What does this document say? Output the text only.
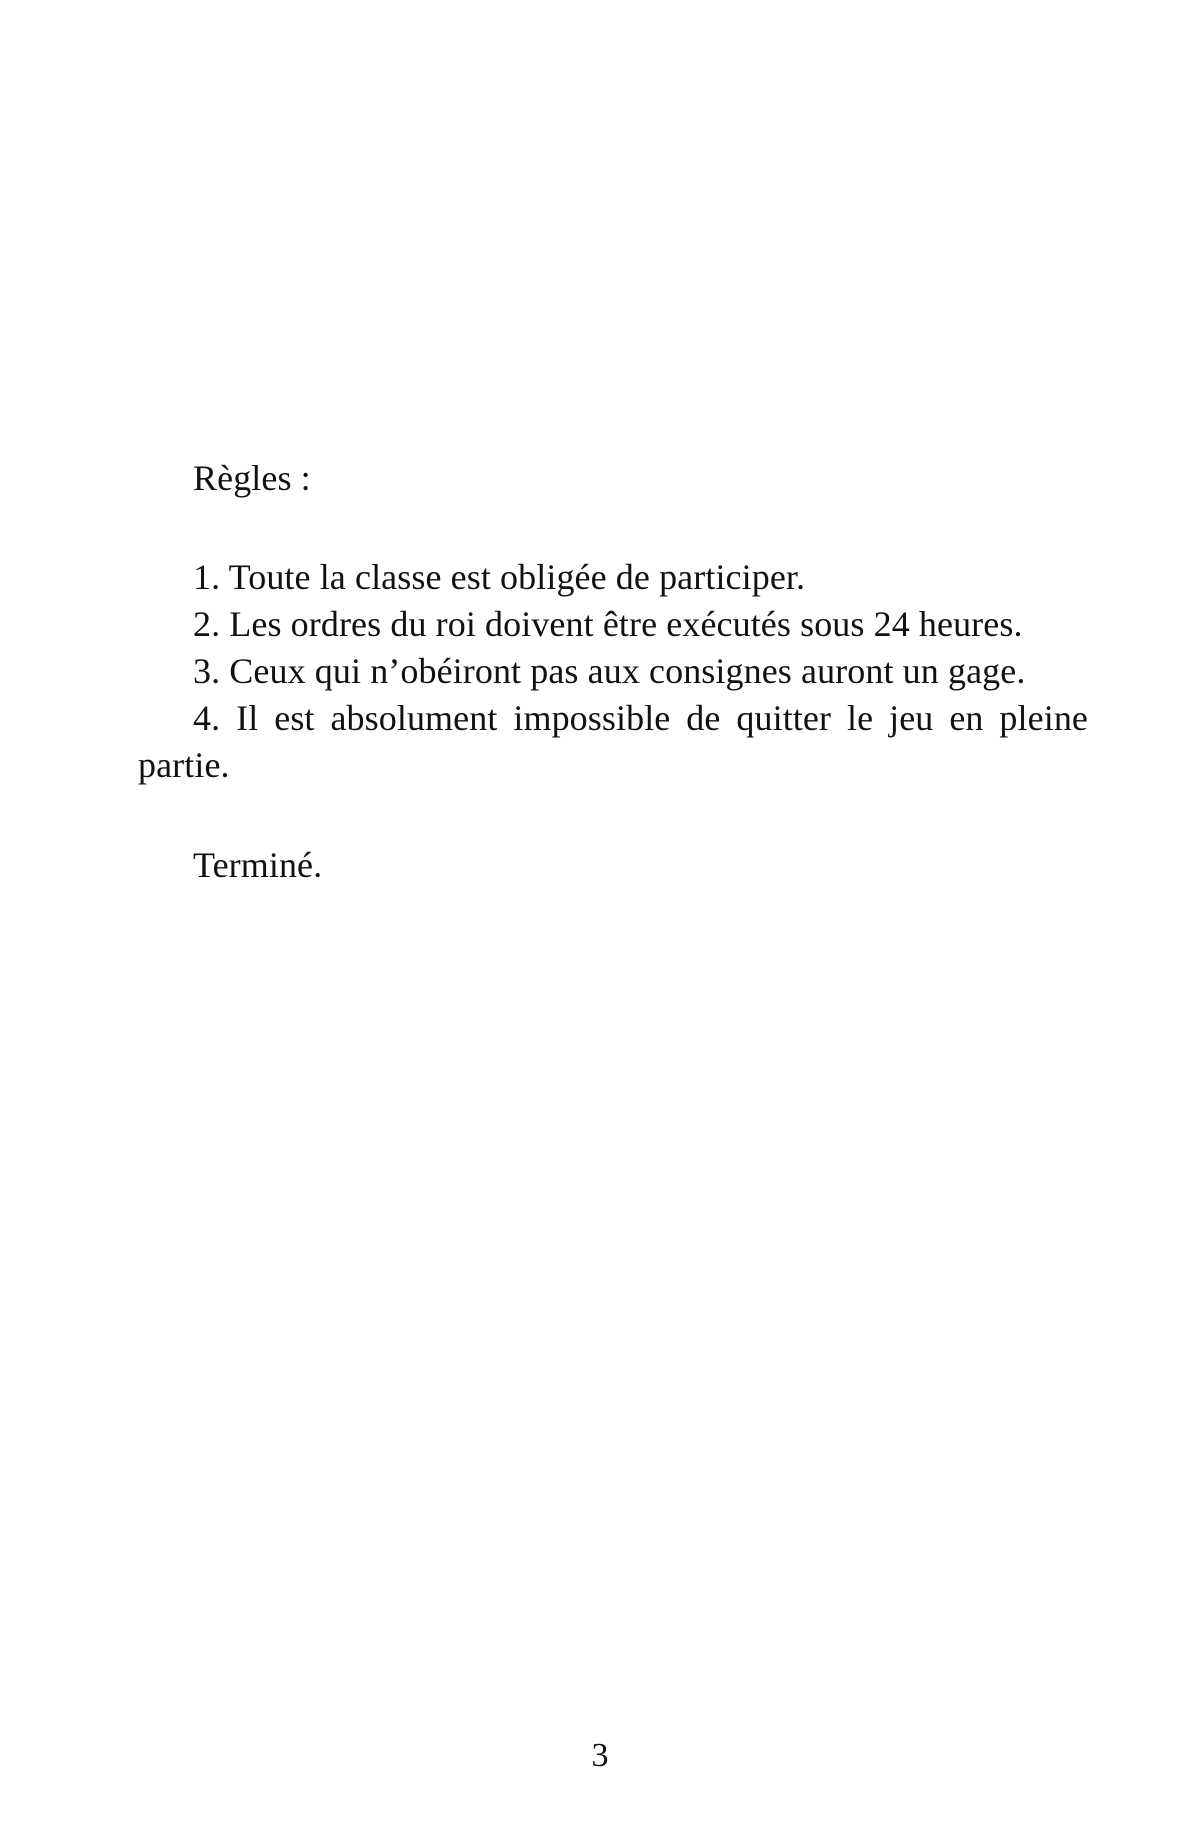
Règles :

1. Toute la classe est obligée de participer.

2. Les ordres du roi doivent être exécutés sous 24 heures.

3. Ceux qui n’obéiront pas aux consignes auront un gage.

4. Il est absolument impossible de quitter le jeu en pleine partie.

Terminé.

3
